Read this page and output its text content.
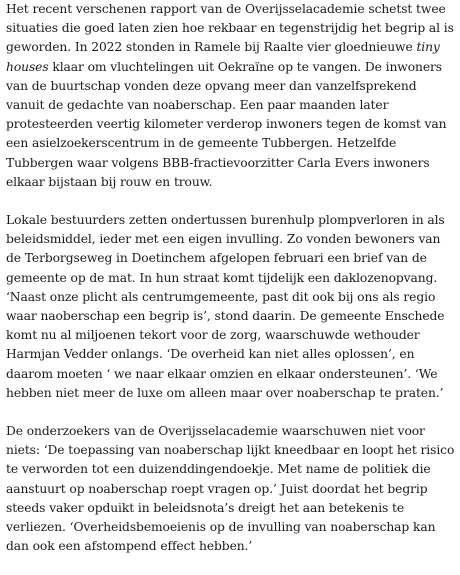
Het recent verschenen rapport van de Overijsselacademie schetst twee situaties die goed laten zien hoe rekbaar en tegenstrijdig het begrip al is geworden. In 2022 stonden in Ramele bij Raalte vier gloednieuwe tiny houses klaar om vluchtelingen uit Oekraïne op te vangen. De inwoners van de buurtschap vonden deze opvang meer dan vanzelfsprekend vanuit de gedachte van noaberschap. Een paar maanden later protesteerden veertig kilometer verderop inwoners tegen de komst van een asielzoekerscentrum in de gemeente Tubbergen. Hetzelfde Tubbergen waar volgens BBB-fractievoorzitter Carla Evers inwoners elkaar bijstaan bij rouw en trouw.

Lokale bestuurders zetten ondertussen burenhulp plompverloren in als beleidsmiddel, ieder met een eigen invulling. Zo vonden bewoners van de Terborgseweg in Doetinchem afgelopen februari een brief van de gemeente op de mat. In hun straat komt tijdelijk een daklozenopvang. ‘Naast onze plicht als centrumgemeente, past dit ook bij ons als regio waar naoberschap een begrip is’, stond daarin. De gemeente Enschede komt nu al miljoenen tekort voor de zorg, waarschuwde wethouder Harmjan Vedder onlangs. ‘De overheid kan niet alles oplossen’, en daarom moeten ‘ we naar elkaar omzien en elkaar ondersteunen’. ‘We hebben niet meer de luxe om alleen maar over noaberschap te praten.’

De onderzoekers van de Overijsselacademie waarschuwen niet voor niets: ‘De toepassing van noaberschap lijkt kneedbaar en loopt het risico te verworden tot een duizenddingendoekje. Met name de politiek die aanstuurt op noaberschap roept vragen op.’ Juist doordat het begrip steeds vaker opduikt in beleidsnota’s dreigt het aan betekenis te verliezen. ‘Overheidsbemoeienis op de invulling van noaberschap kan dan ook een afstompend effect hebben.’
